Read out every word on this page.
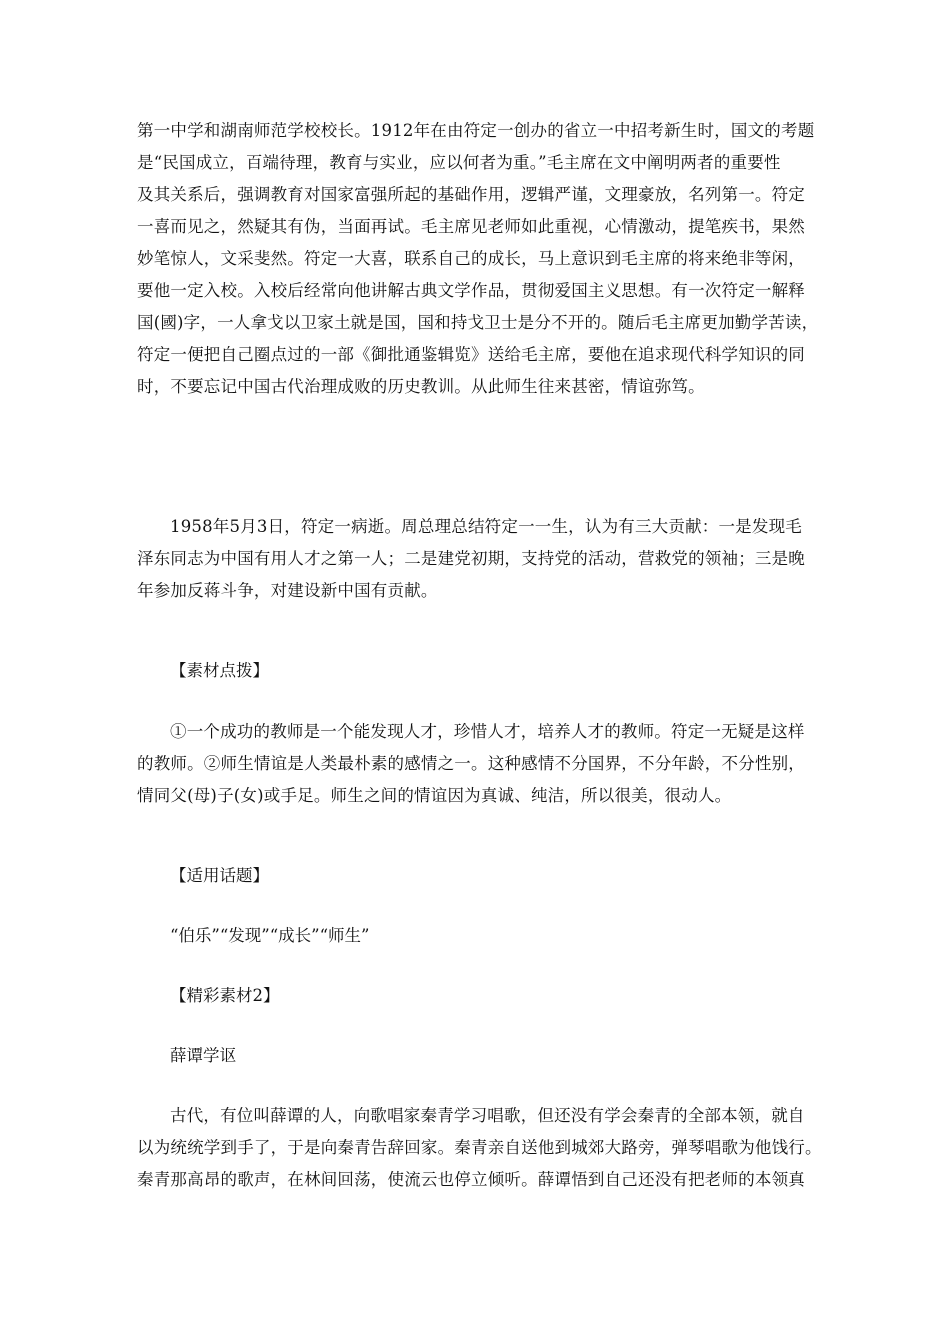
第一中学和湖南师范学校校长。1912年在由符定一创办的省立一中招考新生时，国文的考题
是“民国成立，百端待理，教育与实业，应以何者为重。”毛主席在文中阐明两者的重要性
及其关系后，强调教育对国家富强所起的基础作用，逻辑严谨，文理豪放，名列第一。符定
一喜而见之，然疑其有伪，当面再试。毛主席见老师如此重视，心情激动，提笔疾书，果然
妙笔惊人，文采斐然。符定一大喜，联系自己的成长，马上意识到毛主席的将来绝非等闲，
要他一定入校。入校后经常向他讲解古典文学作品，贯彻爱国主义思想。有一次符定一解释
国(國)字，一人拿戈以卫家土就是国，国和持戈卫士是分不开的。随后毛主席更加勤学苦读，
符定一便把自己圈点过的一部《御批通鉴辑览》送给毛主席，要他在追求现代科学知识的同
时，不要忘记中国古代治理成败的历史教训。从此师生往来甚密，情谊弥笃。

1958年5月3日，符定一病逝。周总理总结符定一一生，认为有三大贡献：一是发现毛
泽东同志为中国有用人才之第一人；二是建党初期，支持党的活动，营救党的领袖；三是晚
年参加反蒋斗争，对建设新中国有贡献。

【素材点拨】

①一个成功的教师是一个能发现人才，珍惜人才，培养人才的教师。符定一无疑是这样
的教师。②师生情谊是人类最朴素的感情之一。这种感情不分国界，不分年龄，不分性别，
情同父(母)子(女)或手足。师生之间的情谊因为真诚、纯洁，所以很美，很动人。

【适用话题】

“伯乐”“发现”“成长”“师生”

【精彩素材2】

薛谭学讴

古代，有位叫薛谭的人，向歌唱家秦青学习唱歌，但还没有学会秦青的全部本领，就自
以为统统学到手了，于是向秦青告辞回家。秦青亲自送他到城郊大路旁，弹琴唱歌为他饯行。
秦青那高昂的歌声，在林间回荡，使流云也停立倾听。薛谭悟到自己还没有把老师的本领真
